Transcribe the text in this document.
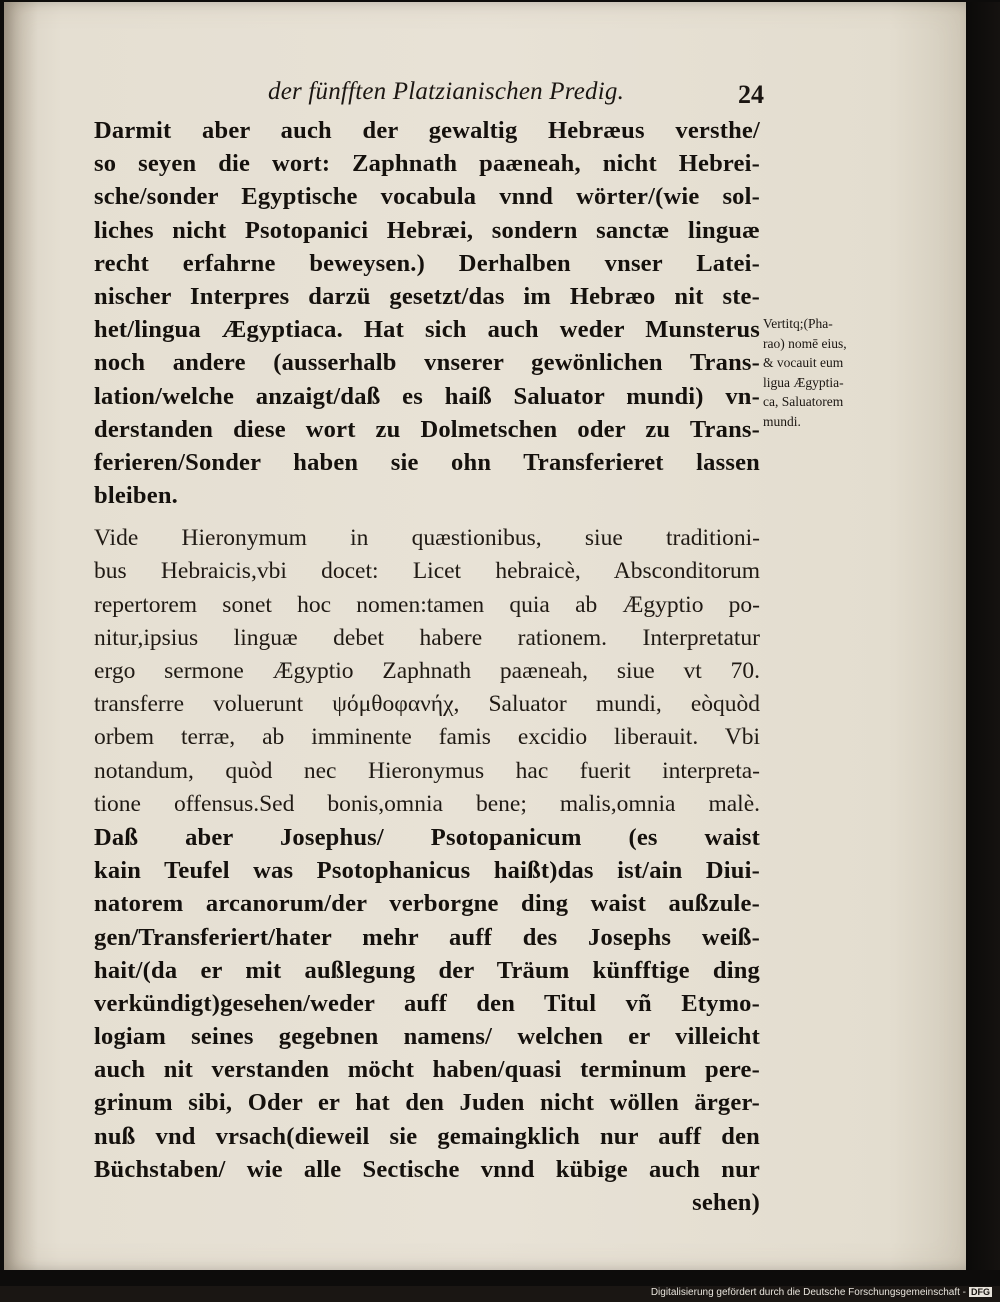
der fünfften Platzianischen Predig.	24
Darmit aber auch der gewaltig Hebræus versthe/
so seyen die wort: Zaphnath paæneah, nicht Hebrei-
sche/sonder Egyptische vocabula vnnd wörter/(wie sol-
liches nicht Psotopanici Hebræi, sondern sanctæ linguæ
recht erfahrne beweysen.) Derhalben vnser Latei-
nischer Interpres darzü gesetzt/das im Hebræo nit ste-
het/lingua Ægyptiaca. Hat sich auch weder Munsterus
noch andere (ausserhalb vnserer gewönlichen Trans-
lation/welche anzaigt/daß es haiß Saluator mundi) vn-
derstanden diese wort zu Dolmetschen oder zu Trans-
ferieren/Sonder haben sie ohn Transferieret lassen
bleiben.
Vide Hieronymum in quæstionibus, siue traditioni-
bus Hebraicis,vbi docet: Licet hebraicè, Absconditorum
repertorem sonet hoc nomen:tamen quia ab Ægyptio po-
nitur,ipsius linguæ debet habere rationem. Interpretatur
ergo sermone Ægyptio Zaphnath paæneah, siue vt 70.
transferre voluerunt ψόμθοφανήχ, Saluator mundi, eòquòd
orbem terræ, ab imminente famis excidio liberauit. Vbi
notandum, quòd nec Hieronymus hac fuerit interpreta-
tione offensus.Sed bonis,omnia bene; malis,omnia malè.
Daß aber Josephus/ Psotopanicum (es waist
kain Teufel was Psotophanicus haißt)das ist/ain Diui-
natorem arcanorum/der verborgne ding waist außzule-
gen/Transferiert/hater mehr auff des Josephs weiß-
hait/(da er mit außlegung der Träum künfftige ding
verkündigt)gesehen/weder auff den Titul vñ Etymo-
logiam seines gegebnen namens/ welchen er villeicht
auch nit verstanden möcht haben/quasi terminum pere-
grinum sibi, Oder er hat den Juden nicht wöllen ärger-
nuß vnd vrsach(dieweil sie gemaingklich nur auff den
Büchstaben/ wie alle Sectische vnnd kübige auch nur
sehen)
Vertitq;(Pha-
rao) nomē eius,
& vocauit eum
ligua Ægyptia-
ca, Saluatorem
mundi.
Digitalisierung gefördert durch die Deutsche Forschungsgemeinschaft - DFG
